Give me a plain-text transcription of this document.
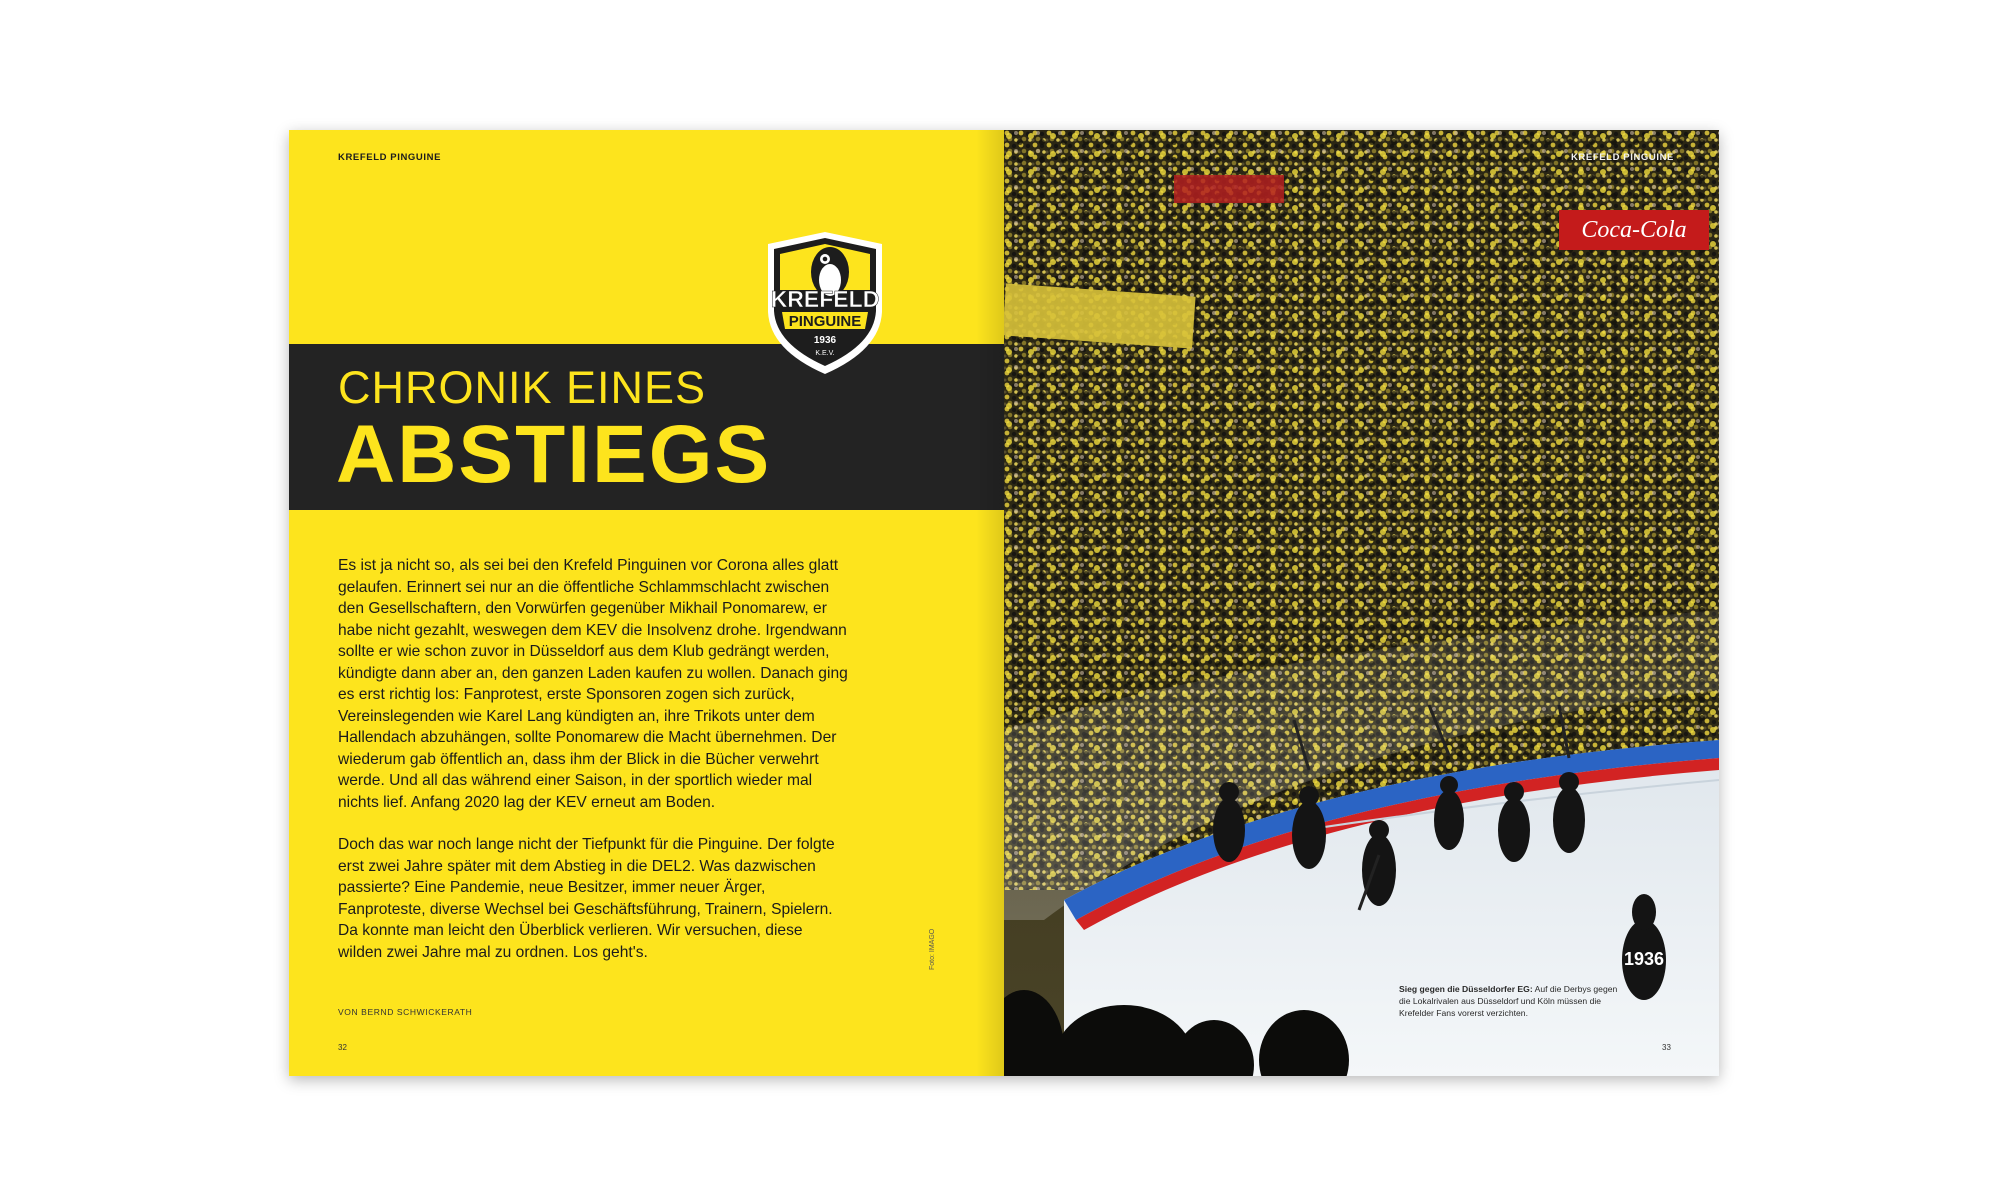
KREFELD PINGUINE
CHRONIK EINES
ABSTIEGS
KREFELD
PINGUINE
1936
K.E.V.

Es ist ja nicht so, als sei bei den Krefeld Pinguinen vor Corona alles glatt gelaufen. Erinnert sei nur an die öffentliche Schlammschlacht zwischen den Gesellschaftern, den Vorwürfen gegenüber Mikhail Ponomarew, er habe nicht gezahlt, weswegen dem KEV die Insolvenz drohe. Irgendwann sollte er wie schon zuvor in Düsseldorf aus dem Klub gedrängt werden, kündigte dann aber an, den ganzen Laden kaufen zu wollen. Danach ging es erst richtig los: Fanprotest, erste Sponsoren zogen sich zurück, Vereinslegenden wie Karel Lang kündigten an, ihre Trikots unter dem Hallendach abzuhängen, sollte Ponomarew die Macht übernehmen. Der wiederum gab öffentlich an, dass ihm der Blick in die Bücher verwehrt werde. Und all das während einer Saison, in der sportlich wieder mal nichts lief. Anfang 2020 lag der KEV erneut am Boden.

Doch das war noch lange nicht der Tiefpunkt für die Pinguine. Der folgte erst zwei Jahre später mit dem Abstieg in die DEL2. Was dazwischen passierte? Eine Pandemie, neue Besitzer, immer neuer Ärger, Fanproteste, diverse Wechsel bei Geschäftsführung, Trainern, Spielern. Da konnte man leicht den Überblick verlieren. Wir versuchen, diese wilden zwei Jahre mal zu ordnen. Los geht's.

VON BERND SCHWICKERATH
Foto: IMAGO
32
Coca-Cola
1936
KREFELD PINGUINE
Sieg gegen die Düsseldorfer EG: Auf die Derbys gegen die Lokalrivalen aus Düsseldorf und Köln müssen die Krefelder Fans vorerst verzichten.
33
